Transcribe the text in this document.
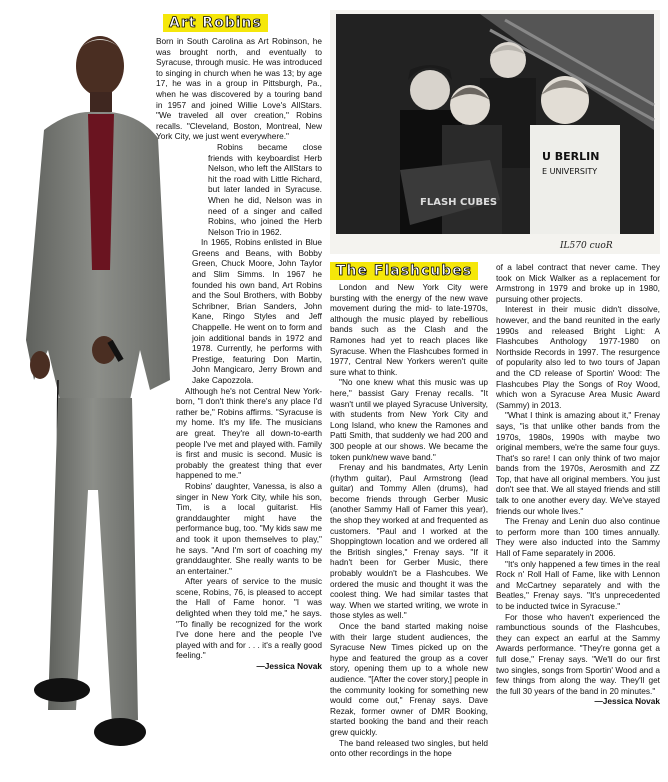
Art Robins

Born in South Carolina as Art Robinson, he was brought north, and eventually to Syracuse, through music. He was introduced to singing in church when he was 13; by age 17, he was in a group in Pittsburgh, Pa., when he was discovered by a touring band in 1957 and joined Willie Love's AllStars. "We traveled all over creation," Robins recalls. "Cleveland, Boston, Montreal, New York City, we just went everywhere."

Robins became close friends with keyboardist Herb Nelson, who left the AllStars to hit the road with Little Richard, but later landed in Syracuse. When he did, Nelson was in need of a singer and called Robins, who joined the Herb Nelson Trio in 1962.

In 1965, Robins enlisted in Blue Greens and Beans, with Bobby Green, Chuck Moore, John Taylor and Slim Simms. In 1967 he founded his own band, Art Robins and the Soul Brothers, with Bobby Schribner, Brian Sanders, John Kane, Ringo Styles and Jeff Chappelle. He went on to form and join additional bands in 1972 and 1978. Currently, he performs with Prestige, featuring Don Martin, John Mangicaro, Jerry Brown and Jake Capozzola.

Although he's not Central New York-born, "I don't think there's any place I'd rather be," Robins affirms. "Syracuse is my home. It's my life. The musicians are great. They're all down-to-earth people I've met and played with. Family is first and music is second. Music is probably the greatest thing that ever happened to me."

Robins' daughter, Vanessa, is also a singer in New York City, while his son, Tim, is a local guitarist. His granddaughter might have the performance bug, too. "My kids saw me and took it upon themselves to play," he says. "And I'm sort of coaching my granddaughter. She really wants to be an entertainer."

After years of service to the music scene, Robins, 76, is pleased to accept the Hall of Fame honor. "I was delighted when they told me," he says. "To finally be recognized for the work I've done here and the people I've played with and for . . . it's a really good feeling."

—Jessica Novak
FLASH CUBES
U BERLIN
E UNIVERSITY
IL570 cuoR
The Flashcubes

London and New York City were bursting with the energy of the new wave movement during the mid- to late-1970s, although the music played by rebellious bands such as the Clash and the Ramones had yet to reach places like Syracuse. When the Flashcubes formed in 1977, Central New Yorkers weren't quite sure what to think.

"No one knew what this music was up here," bassist Gary Frenay recalls. "It wasn't until we played Syracuse University, with students from New York City and Long Island, who knew the Ramones and Patti Smith, that suddenly we had 200 and 300 people at our shows. We became the token punk/new wave band."

Frenay and his bandmates, Arty Lenin (rhythm guitar), Paul Armstrong (lead guitar) and Tommy Allen (drums), had become friends through Gerber Music (another Sammy Hall of Famer this year), the shop they worked at and frequented as customers. "Paul and I worked at the Shoppingtown location and we ordered all the British singles," Frenay says. "If it hadn't been for Gerber Music, there probably wouldn't be a Flashcubes. We ordered the music and thought it was the coolest thing. We had similar tastes that way. When we started writing, we wrote in those styles as well."

Once the band started making noise with their large student audiences, the Syracuse New Times picked up on the hype and featured the group as a cover story, opening them up to a whole new audience. "[After the cover story,] people in the community looking for something new would come out," Frenay says. Dave Rezak, former owner of DMR Booking, started booking the band and their reach grew quickly.

The band released two singles, but held onto other recordings in the hope

of a label contract that never came. They took on Mick Walker as a replacement for Armstrong in 1979 and broke up in 1980, pursuing other projects.

Interest in their music didn't dissolve, however, and the band reunited in the early 1990s and released Bright Light: A Flashcubes Anthology 1977-1980 on Northside Records in 1997. The resurgence of popularity also led to two tours of Japan and the CD release of Sportin' Wood: The Flashcubes Play the Songs of Roy Wood, which won a Syracuse Area Music Award (Sammy) in 2013.

"What I think is amazing about it," Frenay says, "is that unlike other bands from the 1970s, 1980s, 1990s with maybe two original members, we're the same four guys. That's so rare! I can only think of two major bands from the 1970s, Aerosmith and ZZ Top, that have all original members. You just don't see that. We all stayed friends and still talk to one another every day. We've stayed friends our whole lives."

The Frenay and Lenin duo also continue to perform more than 100 times annually. They were also inducted into the Sammy Hall of Fame separately in 2006.

"It's only happened a few times in the real Rock n' Roll Hall of Fame, like with Lennon and McCartney separately and with the Beatles," Frenay says. "It's unprecedented to be inducted twice in Syracuse."

For those who haven't experienced the rambunctious sounds of the Flashcubes, they can expect an earful at the Sammy Awards performance. "They're gonna get a full dose," Frenay says. "We'll do our first two singles, songs from Sportin' Wood and a few things from along the way. They'll get the full 30 years of the band in 20 minutes."

—Jessica Novak
